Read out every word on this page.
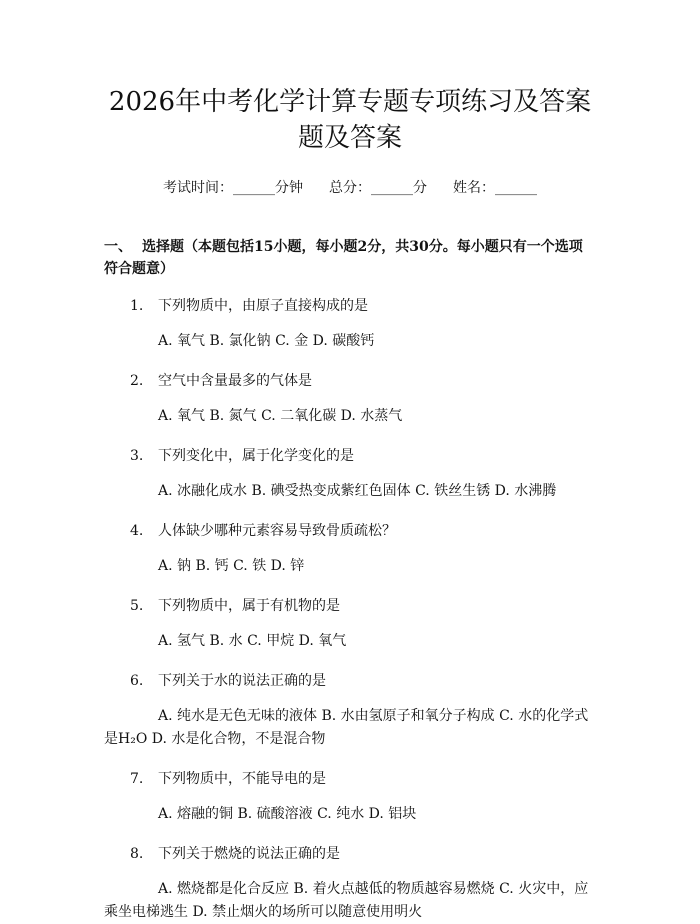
2026年中考化学计算专题专项练习及答案题及答案
考试时间：______分钟 总分：______分 姓名：______
一、 选择题（本题包括15小题，每小题2分，共30分。每小题只有一个选项符合题意）
1. 下列物质中，由原子直接构成的是
A. 氧气 B. 氯化钠 C. 金 D. 碳酸钙
2. 空气中含量最多的气体是
A. 氧气 B. 氮气 C. 二氧化碳 D. 水蒸气
3. 下列变化中，属于化学变化的是
A. 冰融化成水 B. 碘受热变成紫红色固体 C. 铁丝生锈 D. 水沸腾
4. 人体缺少哪种元素容易导致骨质疏松？
A. 钠 B. 钙 C. 铁 D. 锌
5. 下列物质中，属于有机物的是
A. 氢气 B. 水 C. 甲烷 D. 氧气
6. 下列关于水的说法正确的是
A. 纯水是无色无味的液体 B. 水由氢原子和氧分子构成 C. 水的化学式是H₂O D. 水是化合物，不是混合物
7. 下列物质中，不能导电的是
A. 熔融的铜 B. 硫酸溶液 C. 纯水 D. 铝块
8. 下列关于燃烧的说法正确的是
A. 燃烧都是化合反应 B. 着火点越低的物质越容易燃烧 C. 火灾中，应乘坐电梯逃生 D. 禁止烟火的场所可以随意使用明火
